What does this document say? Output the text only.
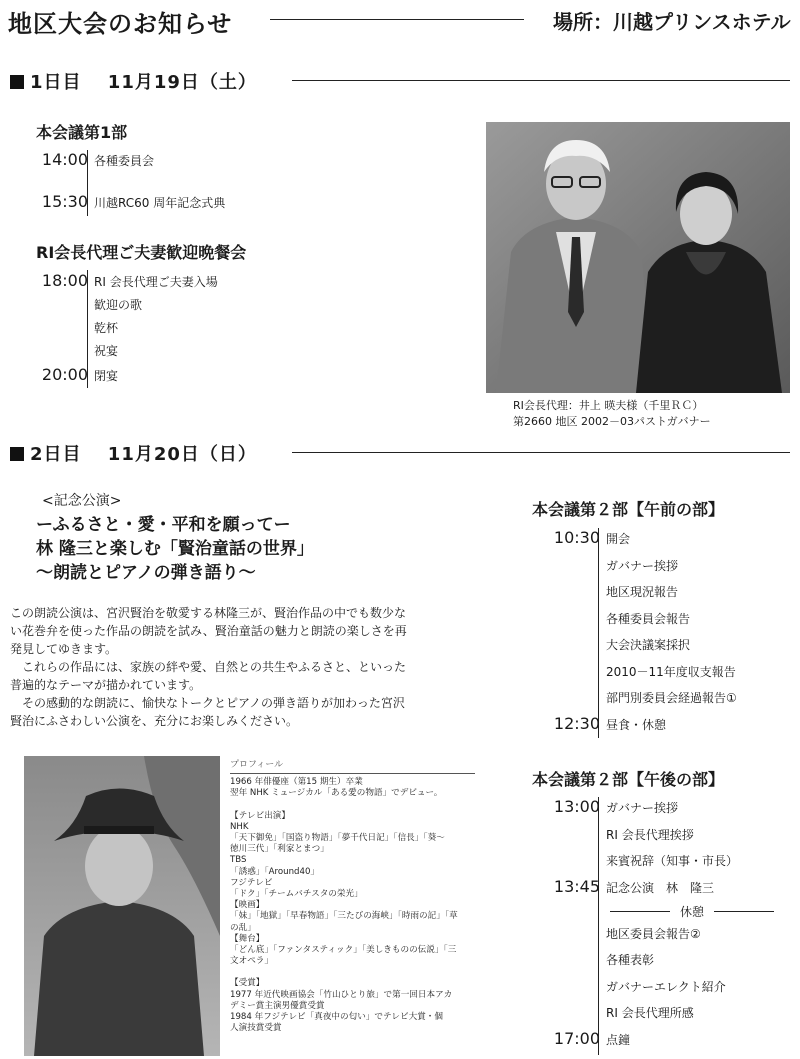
地区大会のお知らせ	場所：川越プリンスホテル
1日目　 11月19日（土）
本会議第1部
14:00 各種委員会
15:30 川越RC60 周年記念式典
RI会長代理ご夫妻歓迎晩餐会
18:00 RI 会長代理ご夫妻入場
歓迎の歌
乾杯
祝宴
20:00 閉宴
RI会長代理：井上 暎夫様（千里ＲＣ）
第2660 地区 2002－03パストガバナー
2日目　 11月20日（日）
<記念公演>
ーふるさと・愛・平和を願ってー
林 隆三と楽しむ「賢治童話の世界」
～朗読とピアノの弾き語り～
この朗読公演は、宮沢賢治を敬愛する林隆三が、賢治作品の中でも数少な
い花巻弁を使った作品の朗読を試み、賢治童話の魅力と朗読の楽しさを再
発見してゆきます。
　これらの作品には、家族の絆や愛、自然との共生やふるさと、といった
普遍的なテーマが描かれています。
　その感動的な朗読に、愉快なトークとピアノの弾き語りが加わった宮沢
賢治にふさわしい公演を、充分にお楽しみください。
プロフィール
1966 年俳優座（第15 期生）卒業
翌年 NHK ミュージカル「ある愛の物語」でデビュー。
【テレビ出演】
NHK
「天下御免」「国盗り物語」「夢千代日記」「信長」「葵～
徳川三代」「利家とまつ」
TBS
「誘惑」「Around40」
フジテレビ
「ドク」「チームバチスタの栄光」
【映画】
「妹」「地獄」「早春物語」「三たびの海峡」「時雨の記」「草
の乱」
【舞台】
「どん底」「ファンタスティック」「美しきものの伝説」「三
文オペラ」
【受賞】
1977 年近代映画協会「竹山ひとり旅」で第一回日本アカ
デミー賞主演男優賞受賞
1984 年フジテレビ「真夜中の匂い」でテレビ大賞・個
人演技賞受賞
本会議第２部【午前の部】
10:30 開会
ガバナー挨拶
地区現況報告
各種委員会報告
大会決議案採択
2010－11年度収支報告
部門別委員会経過報告①
12:30 昼食・休憩
本会議第２部【午後の部】
13:00 ガバナー挨拶
RI 会長代理挨拶
来賓祝辞（知事・市長）
13:45 記念公演　林　隆三
休憩
地区委員会報告②
各種表彰
ガバナーエレクト紹介
RI 会長代理所感
17:00 点鐘
